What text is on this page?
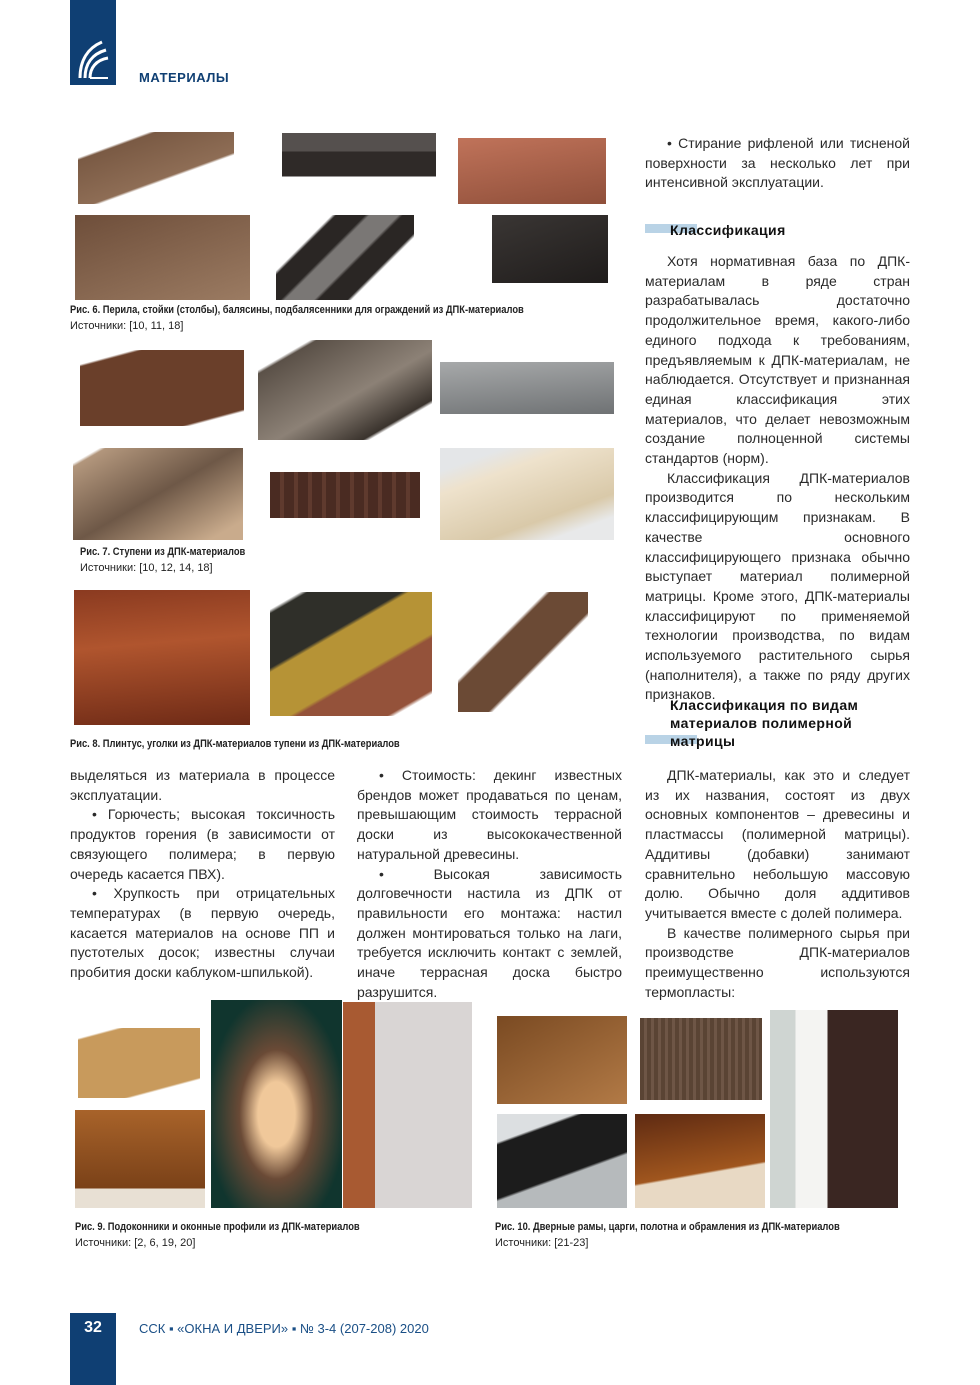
МАТЕРИАЛЫ
Рис. 6. Перила, стойки (столбы), балясины, подбалясенники для ограждений из ДПК-материалов
Источники: [10, 11, 18]
Рис. 7. Ступени из ДПК-материалов
Источники: [10, 12, 14, 18]
Рис. 8. Плинтус, уголки из ДПК-материалов тупени из ДПК-материалов

• Стирание рифленой или тисненой поверхности за несколько лет при интенсивной эксплуатации.

Классификация

Хотя нормативная база по ДПК-материалам в ряде стран разрабатывалась достаточно продолжительное время, какого-либо единого подхода к требованиям, предъявляемым к ДПК-материалам, не наблюдается. Отсутствует и признанная единая классификация этих материалов, что делает невозможным создание полноценной системы стандартов (норм).

Классификация ДПК-материалов производится по нескольким классифицирующим признакам. В качестве основного классифицирующего признака обычно выступает материал полимерной матрицы. Кроме этого, ДПК-материалы классифицируют по применяемой технологии производства, по видам используемого растительного сырья (наполнителя), а также по ряду других признаков.

Классификация по видам материалов полимерной матрицы

выделяться из материала в процессе эксплуатации.

• Горючесть; высокая токсичность продуктов горения (в зависимости от связующего полимера; в первую очередь касается ПВХ).

• Хрупкость при отрицательных температурах (в первую очередь, касается материалов на основе ПП и пустотелых досок; известны случаи пробития доски каблуком-шпилькой).

• Стоимость: декинг известных брендов может продаваться по ценам, превышающим стоимость террасной доски из высококачественной натуральной древесины.

• Высокая зависимость долговечности настила из ДПК от правильности его монтажа: настил должен монтироваться только на лаги, требуется исключить контакт с землей, иначе террасная доска быстро разрушится.

ДПК-материалы, как это и следует из их названия, состоят из двух основных компонентов – древесины и пластмассы (полимерной матрицы). Аддитивы (добавки) занимают сравнительно небольшую массовую долю. Обычно доля аддитивов учитывается вместе с долей полимера.

В качестве полимерного сырья при производстве ДПК-материалов преимущественно используются термопласты:

Рис. 9. Подоконники и оконные профили из ДПК-материалов
Источники: [2, 6, 19, 20]
Рис. 10. Дверные рамы, царги, полотна и обрамления из ДПК-материалов
Источники: [21-23]
32	ССК ▪ «ОКНА И ДВЕРИ» ▪ № 3-4 (207-208) 2020
